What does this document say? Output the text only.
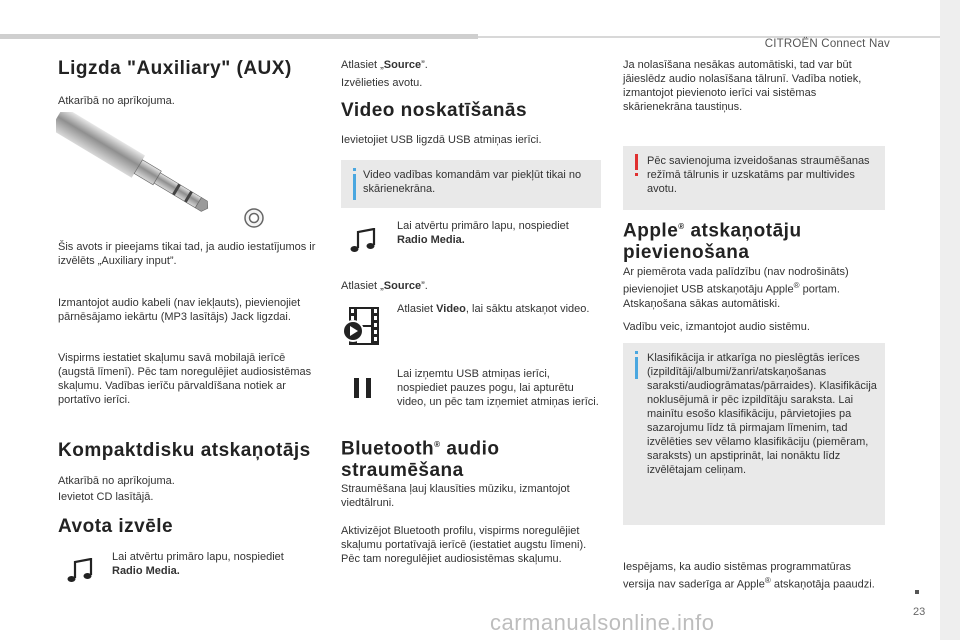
CITROËN Connect Nav
23
carmanualsonline.info
Ligzda "Auxiliary" (AUX)
Atkarībā no aprīkojuma.
Šis avots ir pieejams tikai tad, ja audio iestatījumos ir izvēlēts „Auxiliary input”.
Izmantojot audio kabeli (nav iekļauts), pievienojiet pārnēsājamo iekārtu (MP3 lasītājs) Jack ligzdai.
Vispirms iestatiet skaļumu savā mobilajā ierīcē (augstā līmenī). Pēc tam noregulējiet audiosistēmas skaļumu. Vadības ierīču pārvaldīšana notiek ar portatīvo ierīci.
Kompaktdisku atskaņotājs
Atkarībā no aprīkojuma.
Ievietot CD lasītājā.
Avota izvēle
Lai atvērtu primāro lapu, nospiediet
Radio Media.
Atlasiet „Source”.
Izvēlieties avotu.
Video noskatīšanās
Ievietojiet USB ligzdā USB atmiņas ierīci.
Video vadības komandām var piekļūt tikai no skārienekrāna.
Lai atvērtu primāro lapu, nospiediet
Radio Media.
Atlasiet „Source”.
Atlasiet Video, lai sāktu atskaņot video.
Lai izņemtu USB atmiņas ierīci, nospiediet pauzes pogu, lai apturētu video, un pēc tam izņemiet atmiņas ierīci.
Bluetooth® audio
straumēšana
Straumēšana ļauj klausīties mūziku, izmantojot viedtālruni.
Aktivizējot Bluetooth profilu, vispirms noregulējiet skaļumu portatīvajā ierīcē (iestatiet augstu līmeni). Pēc tam noregulējiet audiosistēmas skaļumu.
Ja nolasīšana nesākas automātiski, tad var būt jāieslēdz audio nolasīšana tālrunī. Vadība notiek, izmantojot pievienoto ierīci vai sistēmas skārienekrāna taustiņus.
Pēc savienojuma izveidošanas straumēšanas režīmā tālrunis ir uzskatāms par multivides avotu.
Apple® atskaņotāju
pievienošana
Ar piemērota vada palīdzību (nav nodrošināts) pievienojiet USB atskaņotāju Apple® portam. Atskaņošana sākas automātiski.
Vadību veic, izmantojot audio sistēmu.
Klasifikācija ir atkarīga no pieslēgtās ierīces (izpildītāji/albumi/žanri/atskaņošanas saraksti/audiogrāmatas/pārraides). Klasifikācija noklusējumā ir pēc izpildītāju saraksta. Lai mainītu esošo klasifikāciju, pārvietojies pa sazarojumu līdz tā pirmajam līmenim, tad izvēlēties sev vēlamo klasifikāciju (piemēram, saraksts) un apstiprināt, lai nonāktu līdz izvēlētajam celiņam.
Iespējams, ka audio sistēmas programmatūras versija nav saderīga ar Apple® atskaņotāja paaudzi.
